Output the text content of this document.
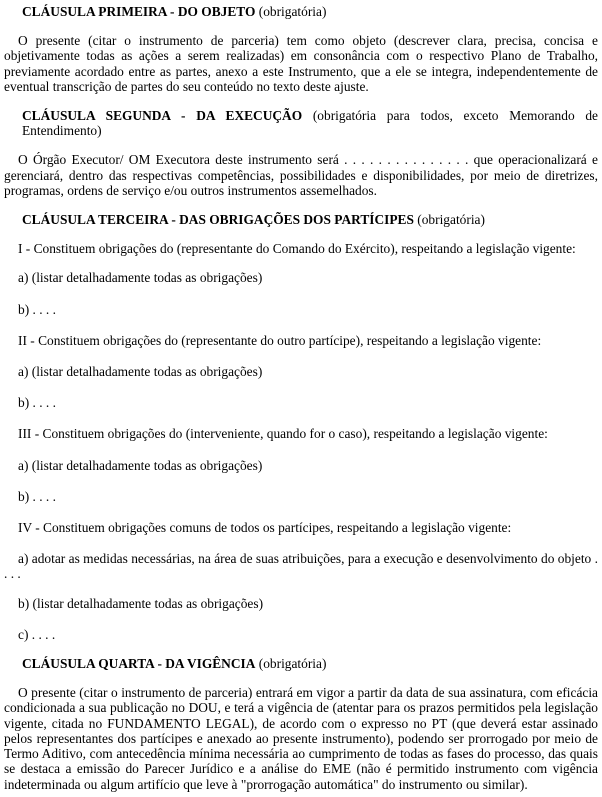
CLÁUSULA PRIMEIRA - DO OBJETO (obrigatória)

O presente (citar o instrumento de parceria) tem como objeto (descrever clara, precisa, concisa e objetivamente todas as ações a serem realizadas) em consonância com o respectivo Plano de Trabalho, previamente acordado entre as partes, anexo a este Instrumento, que a ele se integra, independentemente de eventual transcrição de partes do seu conteúdo no texto deste ajuste.

CLÁUSULA SEGUNDA - DA EXECUÇÃO (obrigatória para todos, exceto Memorando de Entendimento)

O Órgão Executor/ OM Executora deste instrumento será . . . . . . . . . . . . . . . que operacionalizará e gerenciará, dentro das respectivas competências, possibilidades e disponibilidades, por meio de diretrizes, programas, ordens de serviço e/ou outros instrumentos assemelhados.

CLÁUSULA TERCEIRA - DAS OBRIGAÇÕES DOS PARTÍCIPES (obrigatória)

I - Constituem obrigações do (representante do Comando do Exército), respeitando a legislação vigente:

a) (listar detalhadamente todas as obrigações)

b) . . . .

II - Constituem obrigações do (representante do outro partícipe), respeitando a legislação vigente:

a) (listar detalhadamente todas as obrigações)

b) . . . .

III - Constituem obrigações do (interveniente, quando for o caso), respeitando a legislação vigente:

a) (listar detalhadamente todas as obrigações)

b) . . . .

IV - Constituem obrigações comuns de todos os partícipes, respeitando a legislação vigente:

a) adotar as medidas necessárias, na área de suas atribuições, para a execução e desenvolvimento do objeto . . . .

b) (listar detalhadamente todas as obrigações)

c) . . . .

CLÁUSULA QUARTA - DA VIGÊNCIA (obrigatória)

O presente (citar o instrumento de parceria) entrará em vigor a partir da data de sua assinatura, com eficácia condicionada a sua publicação no DOU, e terá a vigência de (atentar para os prazos permitidos pela legislação vigente, citada no FUNDAMENTO LEGAL), de acordo com o expresso no PT (que deverá estar assinado pelos representantes dos partícipes e anexado ao presente instrumento), podendo ser prorrogado por meio de Termo Aditivo, com antecedência mínima necessária ao cumprimento de todas as fases do processo, das quais se destaca a emissão do Parecer Jurídico e a análise do EME (não é permitido instrumento com vigência indeterminada ou algum artifício que leve à "prorrogação automática" do instrumento ou similar).
